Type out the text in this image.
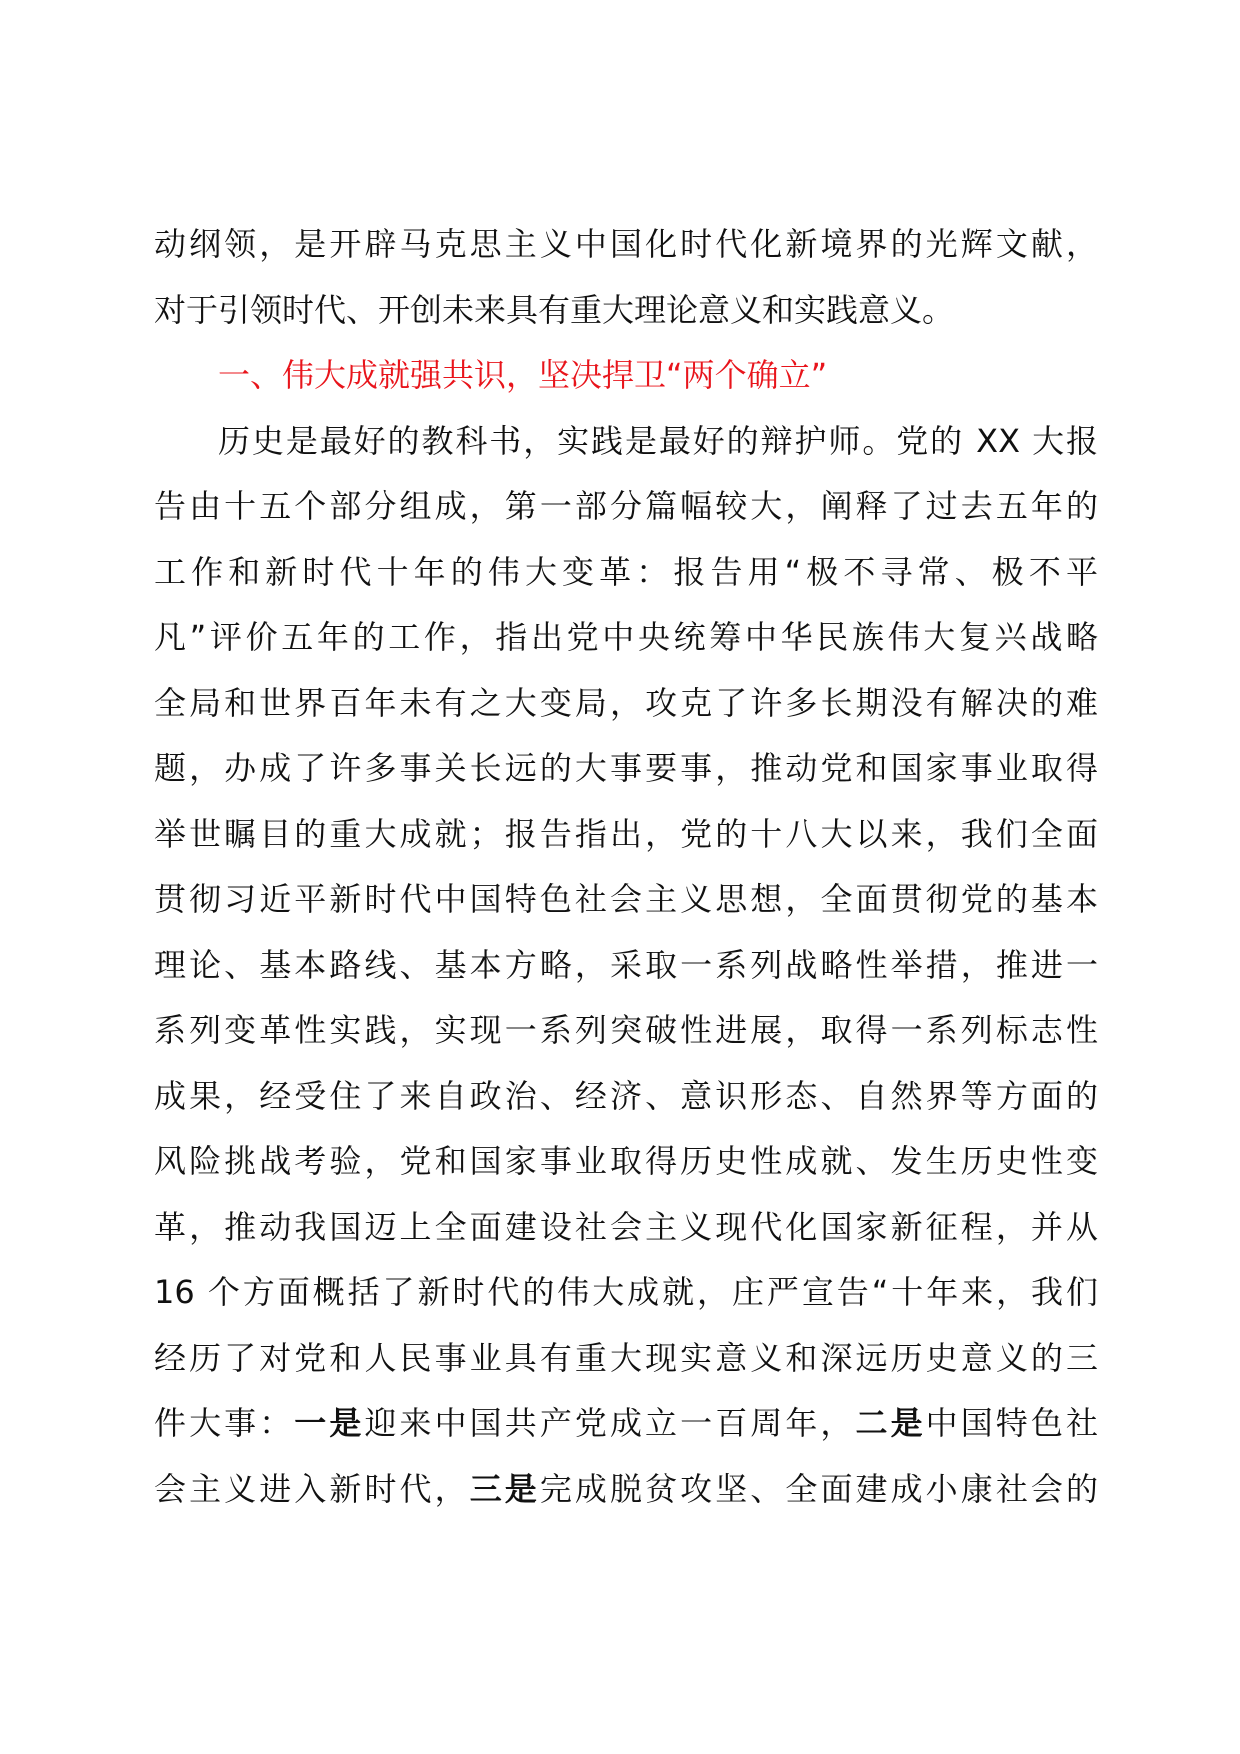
动纲领，是开辟马克思主义中国化时代化新境界的光辉文献，
对于引领时代、开创未来具有重大理论意义和实践意义。
一、伟大成就强共识，坚决捍卫“两个确立”
历史是最好的教科书，实践是最好的辩护师。党的 XX 大报
告由十五个部分组成，第一部分篇幅较大，阐释了过去五年的
工作和新时代十年的伟大变革：报告用“极不寻常、极不平
凡”评价五年的工作，指出党中央统筹中华民族伟大复兴战略
全局和世界百年未有之大变局，攻克了许多长期没有解决的难
题，办成了许多事关长远的大事要事，推动党和国家事业取得
举世瞩目的重大成就；报告指出，党的十八大以来，我们全面
贯彻习近平新时代中国特色社会主义思想，全面贯彻党的基本
理论、基本路线、基本方略，采取一系列战略性举措，推进一
系列变革性实践，实现一系列突破性进展，取得一系列标志性
成果，经受住了来自政治、经济、意识形态、自然界等方面的
风险挑战考验，党和国家事业取得历史性成就、发生历史性变
革，推动我国迈上全面建设社会主义现代化国家新征程，并从
16 个方面概括了新时代的伟大成就，庄严宣告“十年来，我们
经历了对党和人民事业具有重大现实意义和深远历史意义的三
件大事：一是迎来中国共产党成立一百周年，二是中国特色社
会主义进入新时代，三是完成脱贫攻坚、全面建成小康社会的
